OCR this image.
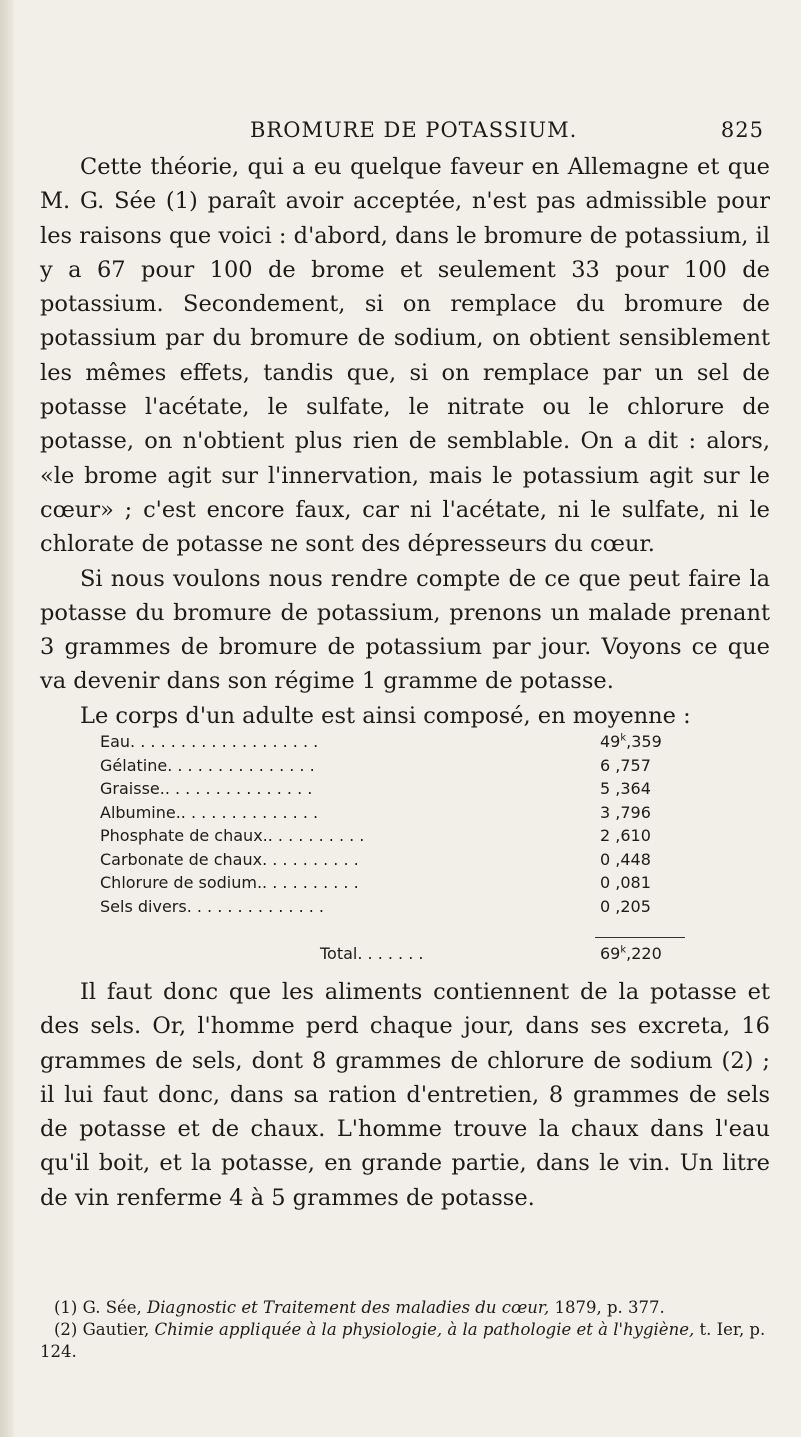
BROMURE DE POTASSIUM.	825

Cette théorie, qui a eu quelque faveur en Allemagne et que M. G. Sée (1) paraît avoir acceptée, n'est pas admissible pour les raisons que voici : d'abord, dans le bromure de potassium, il y a 67 pour 100 de brome et seulement 33 pour 100 de potassium. Secondement, si on remplace du bromure de potassium par du bromure de sodium, on obtient sensiblement les mêmes effets, tandis que, si on remplace par un sel de potasse l'acétate, le sulfate, le nitrate ou le chlorure de potasse, on n'obtient plus rien de semblable. On a dit : alors, «le brome agit sur l'innervation, mais le potassium agit sur le cœur» ; c'est encore faux, car ni l'acétate, ni le sulfate, ni le chlorate de potasse ne sont des dépresseurs du cœur.

Si nous voulons nous rendre compte de ce que peut faire la potasse du bromure de potassium, prenons un malade prenant 3 grammes de bromure de potassium par jour. Voyons ce que va devenir dans son régime 1 gramme de potasse.

Le corps d'un adulte est ainsi composé, en moyenne :

Eau. . . . . . . . . . . . . . . . . . .	49$^k$,359
Gélatine. . . . . . . . . . . . . . .	6 ,757
Graisse.. . . . . . . . . . . . . . .	5 ,364
Albumine.. . . . . . . . . . . . . .	3 ,796
Phosphate de chaux.. . . . . . . . . .	2 ,610
Carbonate de chaux. . . . . . . . . .	0 ,448
Chlorure de sodium.. . . . . . . . . .	0 ,081
Sels divers. . . . . . . . . . . . . .	0 ,205
Total. . . . . . .	69$^k$,220

Il faut donc que les aliments contiennent de la potasse et des sels. Or, l'homme perd chaque jour, dans ses excreta, 16 grammes de sels, dont 8 grammes de chlorure de sodium (2) ; il lui faut donc, dans sa ration d'entretien, 8 grammes de sels de potasse et de chaux. L'homme trouve la chaux dans l'eau qu'il boit, et la potasse, en grande partie, dans le vin. Un litre de vin renferme 4 à 5 grammes de potasse.

(1) G. Sée, Diagnostic et Traitement des maladies du cœur, 1879, p. 377.

(2) Gautier, Chimie appliquée à la physiologie, à la pathologie et à l'hygiène, t. Ier, p. 124.
